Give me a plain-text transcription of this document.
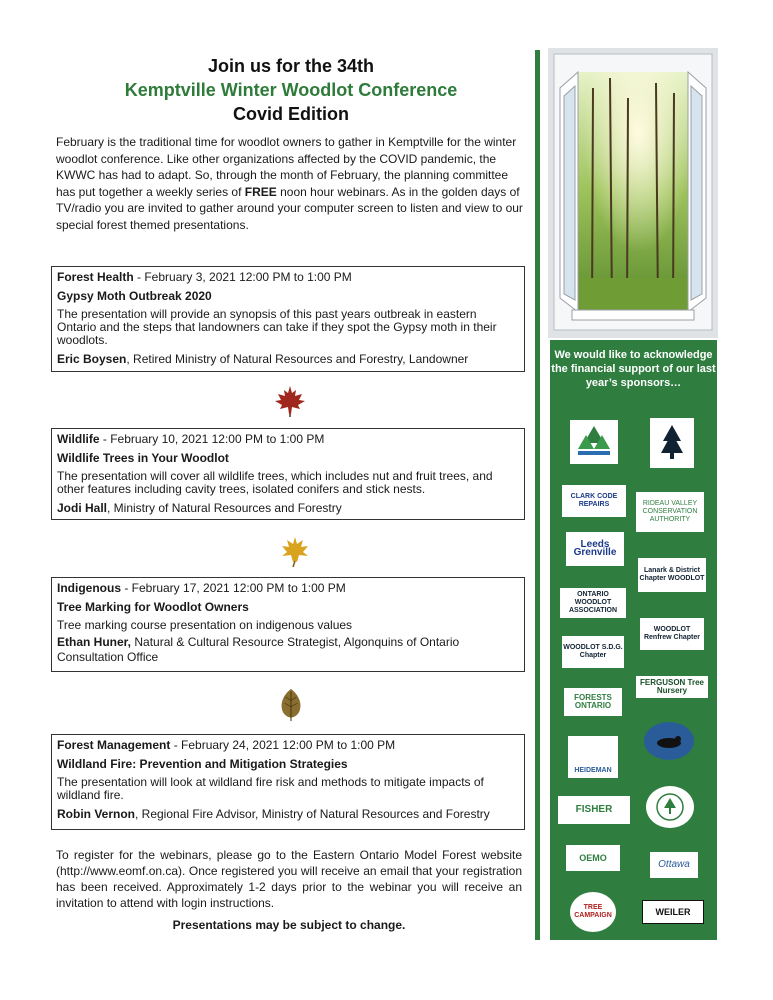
Join us for the 34th
Kemptville Winter Woodlot Conference
Covid Edition
February is the traditional time for woodlot owners to gather in Kemptville for the winter woodlot conference. Like other organizations affected by the COVID pandemic, the KWWC has had to adapt. So, through the month of February, the planning committee has put together a weekly series of FREE noon hour webinars. As in the golden days of TV/radio you are invited to gather around your computer screen to listen and view to our special forest themed presentations.
Forest Health - February 3, 2021 12:00 PM to 1:00 PM
Gypsy Moth Outbreak 2020
The presentation will provide an synopsis of this past years outbreak in eastern Ontario and the steps that landowners can take if they spot the Gypsy moth in their woodlots.
Eric Boysen, Retired Ministry of Natural Resources and Forestry, Landowner
Wildlife - February 10, 2021 12:00 PM to 1:00 PM
Wildlife Trees in Your Woodlot
The presentation will cover all wildlife trees, which includes nut and fruit trees, and other features including cavity trees, isolated conifers and stick nests.
Jodi Hall, Ministry of Natural Resources and Forestry
Indigenous - February 17, 2021 12:00 PM to 1:00 PM
Tree Marking for Woodlot Owners
Tree marking course presentation on indigenous values
Ethan Huner, Natural & Cultural Resource Strategist, Algonquins of Ontario Consultation Office
Forest Management - February 24, 2021 12:00 PM to 1:00 PM
Wildland Fire: Prevention and Mitigation Strategies
The presentation will look at wildland fire risk and methods to mitigate impacts of wildland fire.
Robin Vernon, Regional Fire Advisor, Ministry of Natural Resources and Forestry
To register for the webinars, please go to the Eastern Ontario Model Forest website (http://www.eomf.on.ca). Once registered you will receive an email that your registration has been received. Approximately 1-2 days prior to the webinar you will receive an invitation to attend with login instructions.
Presentations may be subject to change.
We would like to acknowledge the financial support of our last year’s sponsors…
CLARK CODE REPAIRS	RIDEAU VALLEY CONSERVATION AUTHORITY
Leeds Grenville
Lanark & District Chapter WOODLOT
ONTARIO WOODLOT ASSOCIATION
WOODLOT Renfrew Chapter
WOODLOT S.D.G. Chapter
FERGUSON Tree Nursery
FORESTS ONTARIO
HEIDEMAN
FISHER
OEMO
Ottawa
TREE CAMPAIGN	WEILER
